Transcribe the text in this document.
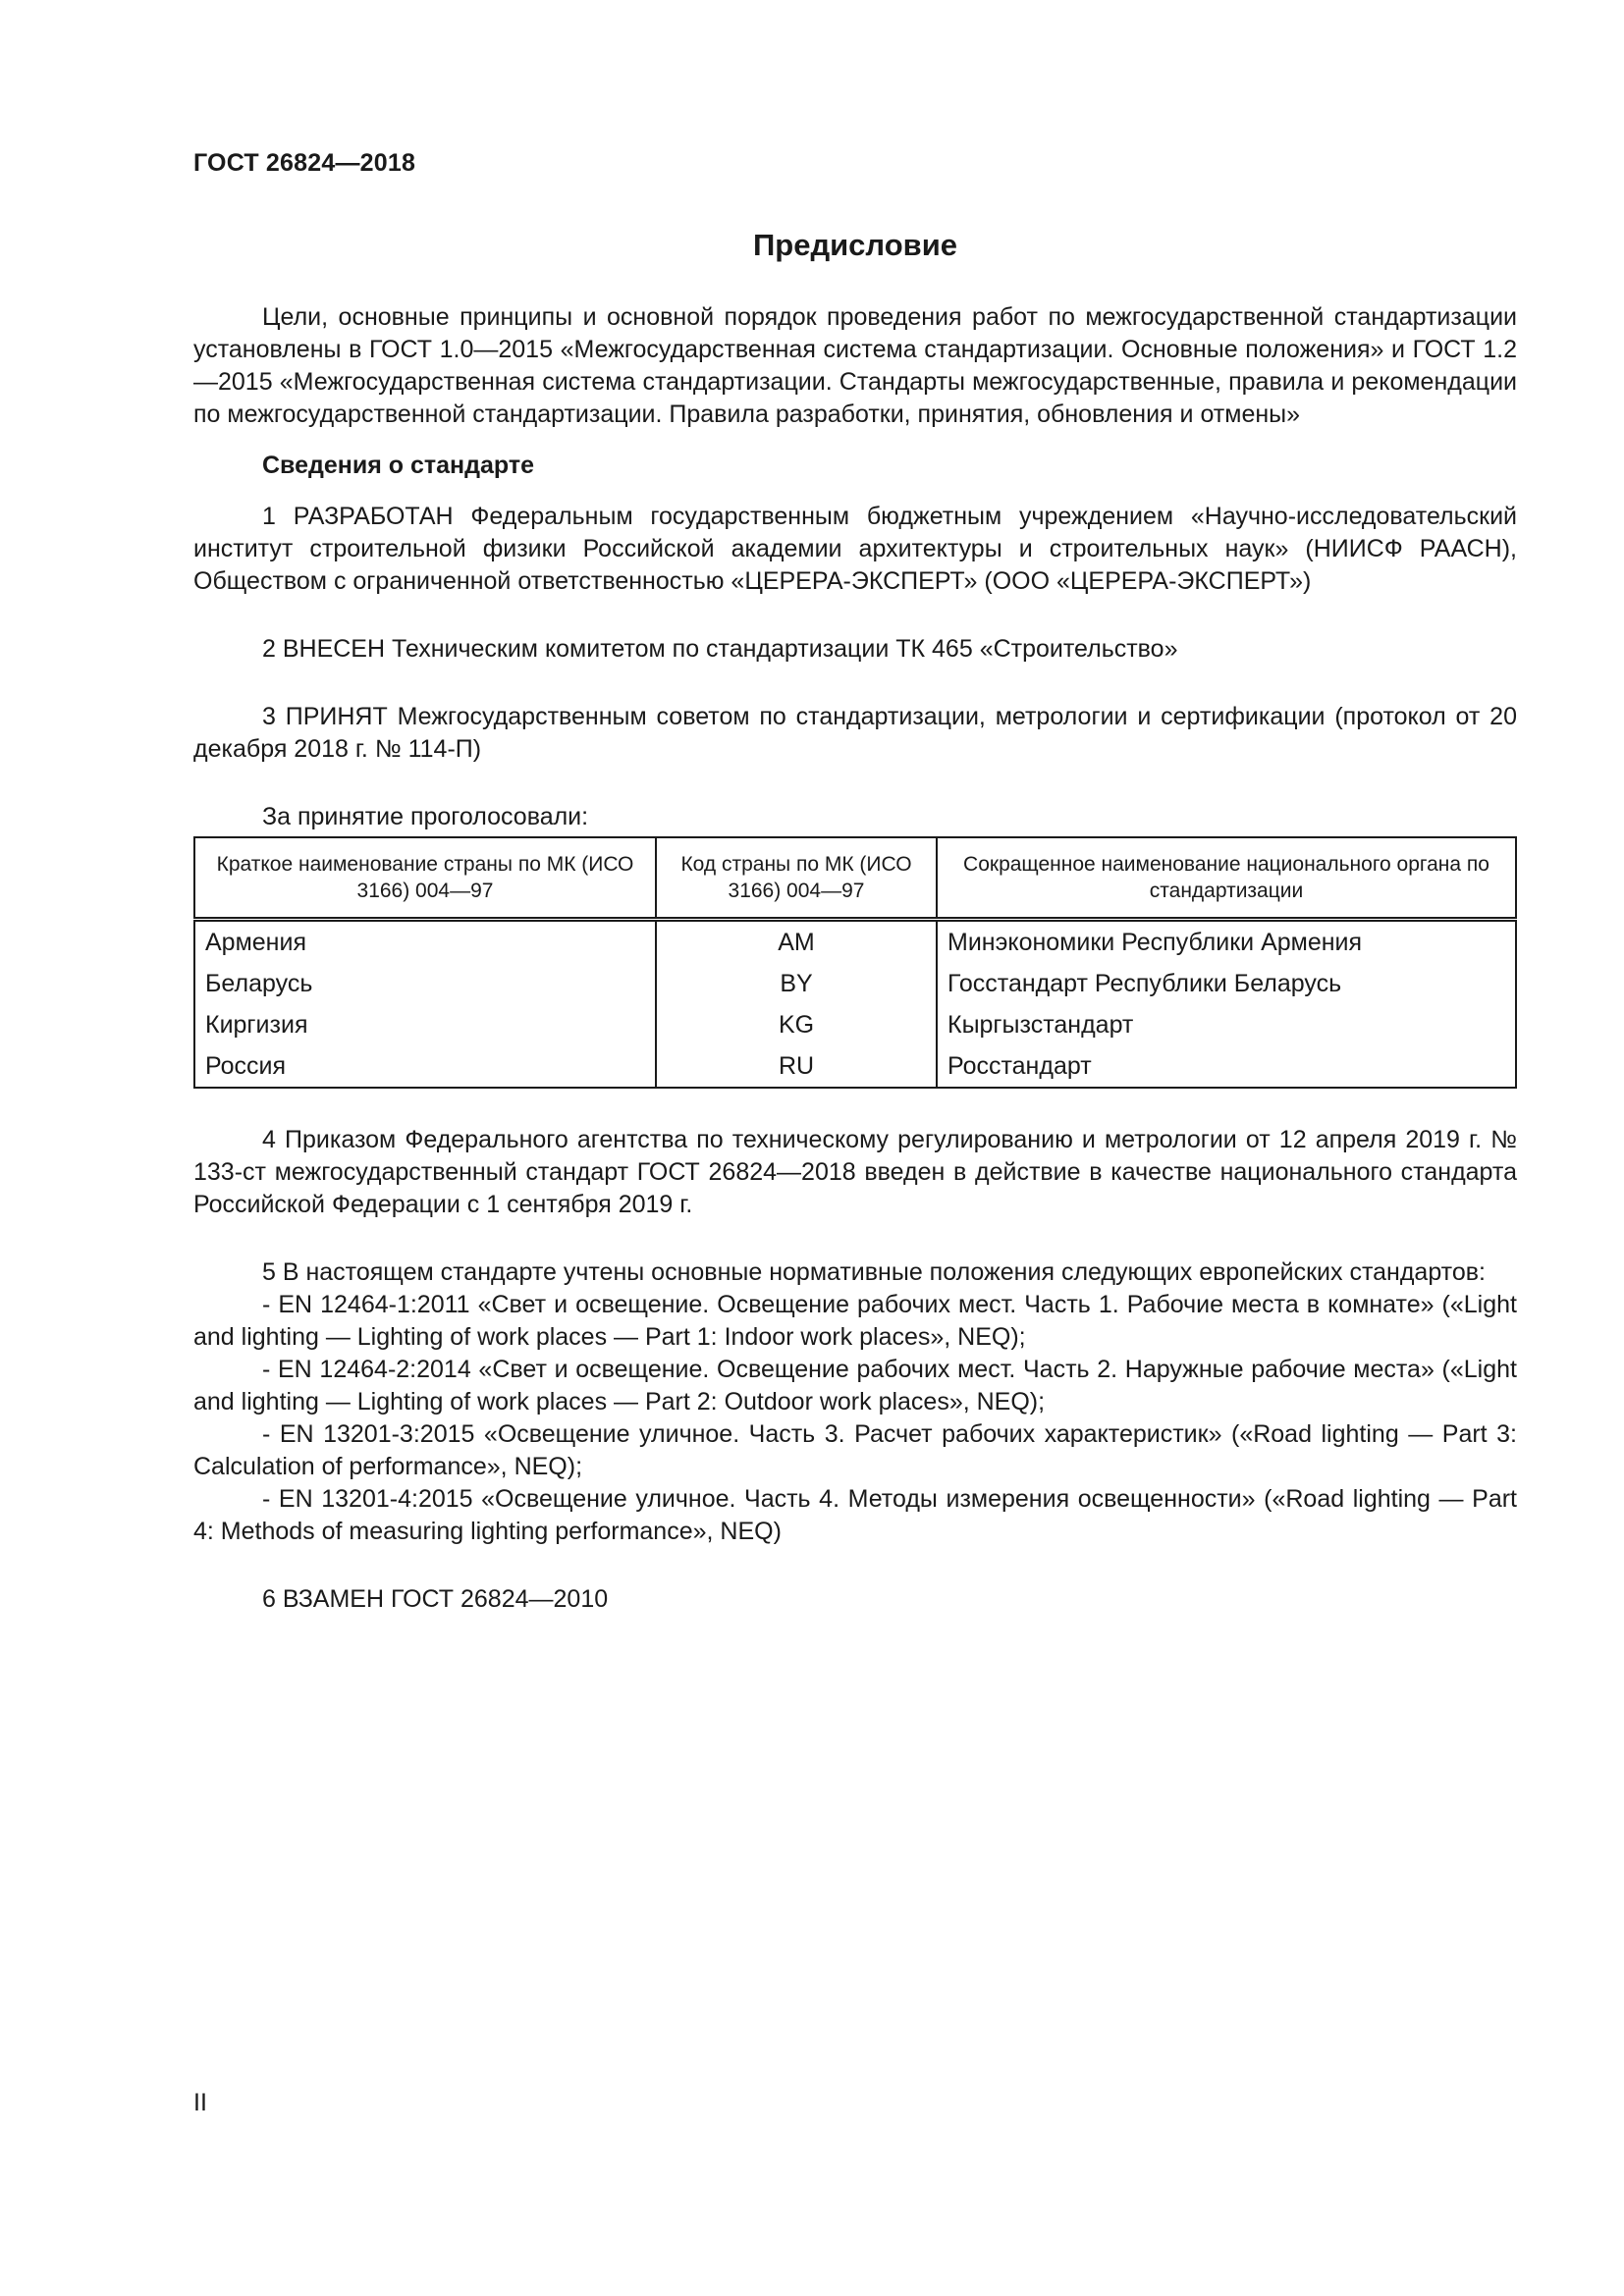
ГОСТ 26824—2018
Предисловие

Цели, основные принципы и основной порядок проведения работ по межгосударственной стандартизации установлены в ГОСТ 1.0—2015 «Межгосударственная система стандартизации. Основные положения» и ГОСТ 1.2—2015 «Межгосударственная система стандартизации. Стандарты межгосударственные, правила и рекомендации по межгосударственной стандартизации. Правила разработки, принятия, обновления и отмены»

Сведения о стандарте

1 РАЗРАБОТАН Федеральным государственным бюджетным учреждением «Научно-исследовательский институт строительной физики Российской академии архитектуры и строительных наук» (НИИСФ РААСН), Обществом с ограниченной ответственностью «ЦЕРЕРА-ЭКСПЕРТ» (ООО «ЦЕРЕРА-ЭКСПЕРТ»)

2 ВНЕСЕН Техническим комитетом по стандартизации ТК 465 «Строительство»

3 ПРИНЯТ Межгосударственным советом по стандартизации, метрологии и сертификации (протокол от 20 декабря 2018 г. № 114-П)

За принятие проголосовали:

Краткое наименование страны по МК (ИСО 3166) 004—97	Код страны по МК (ИСО 3166) 004—97	Сокращенное наименование национального органа по стандартизации
Армения	AM	Минэкономики Республики Армения
Беларусь	BY	Госстандарт Республики Беларусь
Киргизия	KG	Кыргызстандарт
Россия	RU	Росстандарт

4 Приказом Федерального агентства по техническому регулированию и метрологии от 12 апреля 2019 г. № 133-ст межгосударственный стандарт ГОСТ 26824—2018 введен в действие в качестве национального стандарта Российской Федерации с 1 сентября 2019 г.

5 В настоящем стандарте учтены основные нормативные положения следующих европейских стандартов:

- EN 12464-1:2011 «Свет и освещение. Освещение рабочих мест. Часть 1. Рабочие места в комнате» («Light and lighting — Lighting of work places — Part 1: Indoor work places», NEQ);

- EN 12464-2:2014 «Свет и освещение. Освещение рабочих мест. Часть 2. Наружные рабочие места» («Light and lighting — Lighting of work places — Part 2: Outdoor work places», NEQ);

- EN 13201-3:2015 «Освещение уличное. Часть 3. Расчет рабочих характеристик» («Road lighting — Part 3: Calculation of performance», NEQ);

- EN 13201-4:2015 «Освещение уличное. Часть 4. Методы измерения освещенности» («Road lighting — Part 4: Methods of measuring lighting performance», NEQ)

6 ВЗАМЕН ГОСТ 26824—2010

II
